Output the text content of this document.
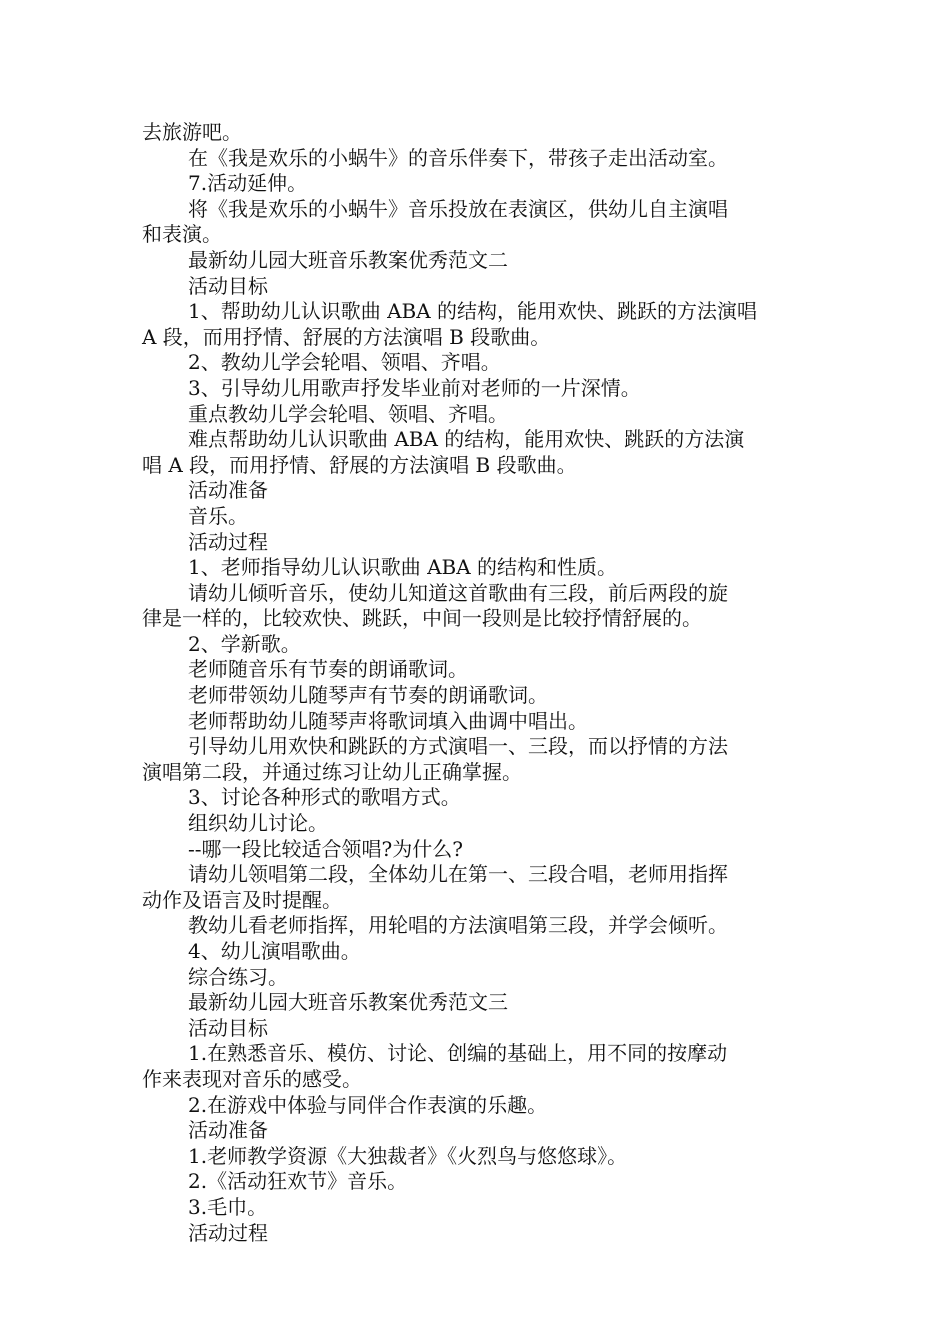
去旅游吧。
在《我是欢乐的小蜗牛》的音乐伴奏下，带孩子走出活动室。
7.活动延伸。
将《我是欢乐的小蜗牛》音乐投放在表演区，供幼儿自主演唱
和表演。
最新幼儿园大班音乐教案优秀范文二
活动目标
1、帮助幼儿认识歌曲 ABA 的结构，能用欢快、跳跃的方法演唱
A 段，而用抒情、舒展的方法演唱 B 段歌曲。
2、教幼儿学会轮唱、领唱、齐唱。
3、引导幼儿用歌声抒发毕业前对老师的一片深情。
重点教幼儿学会轮唱、领唱、齐唱。
难点帮助幼儿认识歌曲 ABA 的结构，能用欢快、跳跃的方法演
唱 A 段，而用抒情、舒展的方法演唱 B 段歌曲。
活动准备
音乐。
活动过程
1、老师指导幼儿认识歌曲 ABA 的结构和性质。
请幼儿倾听音乐，使幼儿知道这首歌曲有三段，前后两段的旋
律是一样的，比较欢快、跳跃，中间一段则是比较抒情舒展的。
2、学新歌。
老师随音乐有节奏的朗诵歌词。
老师带领幼儿随琴声有节奏的朗诵歌词。
老师帮助幼儿随琴声将歌词填入曲调中唱出。
引导幼儿用欢快和跳跃的方式演唱一、三段，而以抒情的方法
演唱第二段，并通过练习让幼儿正确掌握。
3、讨论各种形式的歌唱方式。
组织幼儿讨论。
--哪一段比较适合领唱?为什么?
请幼儿领唱第二段，全体幼儿在第一、三段合唱，老师用指挥
动作及语言及时提醒。
教幼儿看老师指挥，用轮唱的方法演唱第三段，并学会倾听。
4、幼儿演唱歌曲。
综合练习。
最新幼儿园大班音乐教案优秀范文三
活动目标
1.在熟悉音乐、模仿、讨论、创编的基础上，用不同的按摩动
作来表现对音乐的感受。
2.在游戏中体验与同伴合作表演的乐趣。
活动准备
1.老师教学资源《大独裁者》《火烈鸟与悠悠球》。
2.《活动狂欢节》音乐。
3.毛巾。
活动过程
